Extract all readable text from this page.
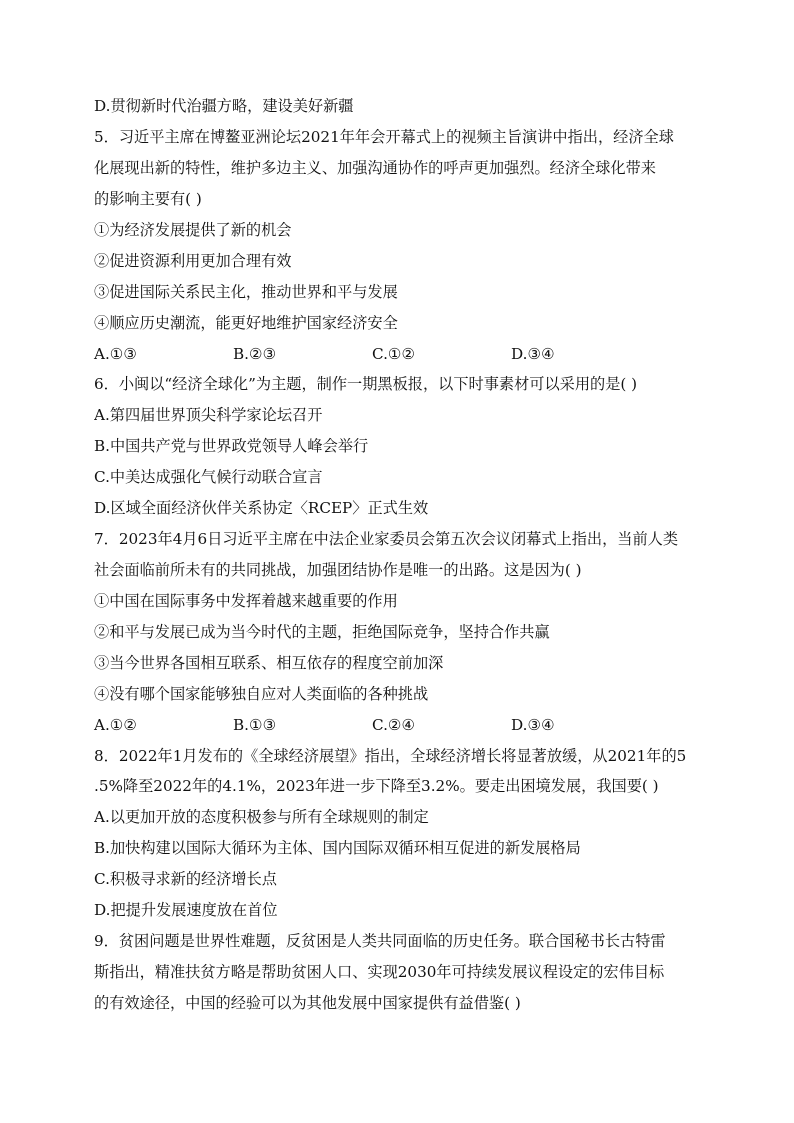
D.贯彻新时代治疆方略，建设美好新疆
5．习近平主席在博鳌亚洲论坛2021年年会开幕式上的视频主旨演讲中指出，经济全球
化展现出新的特性，维护多边主义、加强沟通协作的呼声更加强烈。经济全球化带来
的影响主要有( )
①为经济发展提供了新的机会
②促进资源利用更加合理有效
③促进国际关系民主化，推动世界和平与发展
④顺应历史潮流，能更好地维护国家经济安全
A.①③	B.②③	C.①②	D.③④
6．小闽以“经济全球化”为主题，制作一期黑板报，以下时事素材可以采用的是( )
A.第四届世界顶尖科学家论坛召开
B.中国共产党与世界政党领导人峰会举行
C.中美达成强化气候行动联合宣言
D.区域全面经济伙伴关系协定〈RCEP〉正式生效
7．2023年4月6日习近平主席在中法企业家委员会第五次会议闭幕式上指出，当前人类
社会面临前所未有的共同挑战，加强团结协作是唯一的出路。这是因为( )
①中国在国际事务中发挥着越来越重要的作用
②和平与发展已成为当今时代的主题，拒绝国际竞争，坚持合作共赢
③当今世界各国相互联系、相互依存的程度空前加深
④没有哪个国家能够独自应对人类面临的各种挑战
A.①②	B.①③	C.②④	D.③④
8．2022年1月发布的《全球经济展望》指出，全球经济增长将显著放缓，从2021年的5
.5%降至2022年的4.1%，2023年进一步下降至3.2%。要走出困境发展，我国要( )
A.以更加开放的态度积极参与所有全球规则的制定
B.加快构建以国际大循环为主体、国内国际双循环相互促进的新发展格局
C.积极寻求新的经济增长点
D.把提升发展速度放在首位
9．贫困问题是世界性难题，反贫困是人类共同面临的历史任务。联合国秘书长古特雷
斯指出，精准扶贫方略是帮助贫困人口、实现2030年可持续发展议程设定的宏伟目标
的有效途径，中国的经验可以为其他发展中国家提供有益借鉴( )
